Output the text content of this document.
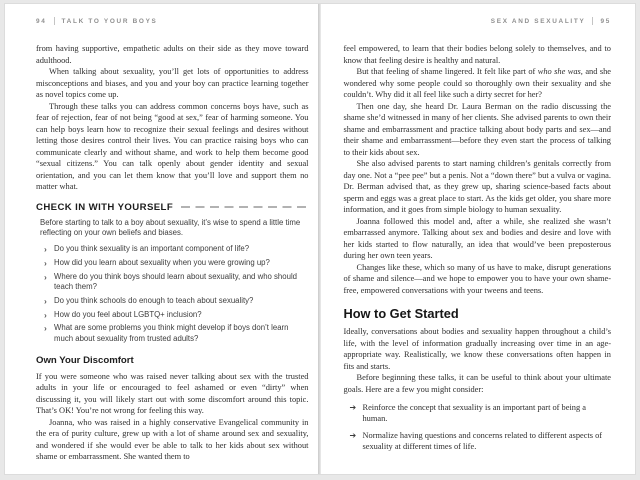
94 TALK TO YOUR BOYS

from having supportive, empathetic adults on their side as they move toward adulthood.

When talking about sexuality, you’ll get lots of opportunities to address misconceptions and biases, and you and your boy can practice learning together as novel topics come up.

Through these talks you can address common concerns boys have, such as fear of rejection, fear of not being “good at sex,” fear of harming someone. You can help boys learn how to recognize their sexual feelings and desires without letting those desires control their lives. You can practice raising boys who can communicate clearly and without shame, and work to help them become good “sexual citizens.” You can talk openly about gender identity and sexual orientation, and you can let them know that you’ll love and support them no matter what.

CHECK IN WITH YOURSELF
Before starting to talk to a boy about sexuality, it’s wise to spend a little time reflecting on your own beliefs and biases.
› Do you think sexuality is an important component of life?
› How did you learn about sexuality when you were growing up?
› Where do you think boys should learn about sexuality, and who should teach them?
› Do you think schools do enough to teach about sexuality?
› How do you feel about LGBTQ+ inclusion?
› What are some problems you think might develop if boys don’t learn much about sexuality from trusted adults?
Own Your Discomfort

If you were someone who was raised never talking about sex with the trusted adults in your life or encouraged to feel ashamed or even “dirty” when discussing it, you will likely start out with some discomfort around this topic. That’s OK! You’re not wrong for feeling this way.

Joanna, who was raised in a highly conservative Evangelical community in the era of purity culture, grew up with a lot of shame around sex and sexuality, and wondered if she would ever be able to talk to her kids about sex without shame or embarrassment. She wanted them to

SEX AND SEXUALITY 95

feel empowered, to learn that their bodies belong solely to themselves, and to know that feeling desire is healthy and natural.

But that feeling of shame lingered. It felt like part of who she was, and she wondered why some people could so thoroughly own their sexuality and she couldn’t. Why did it all feel like such a dirty secret for her?

Then one day, she heard Dr. Laura Berman on the radio discussing the shame she’d witnessed in many of her clients. She advised parents to own their shame and embarrassment and practice talking about body parts and sex—and their shame and embarrassment—before they even start the process of talking to their kids about sex.

She also advised parents to start naming children’s genitals correctly from day one. Not a “pee pee” but a penis. Not a “down there” but a vulva or vagina. Dr. Berman advised that, as they grew up, sharing science-based facts about sperm and eggs was a great place to start. As the kids get older, you share more information, and it goes from simple biology to human sexuality.

Joanna followed this model and, after a while, she realized she wasn’t embarrassed anymore. Talking about sex and bodies and desire and love with her kids started to flow naturally, an idea that would’ve been preposterous during her own teen years.

Changes like these, which so many of us have to make, disrupt generations of shame and silence—and we hope to empower you to have your own shame-free, empowered conversations with your tweens and teens.

How to Get Started

Ideally, conversations about bodies and sexuality happen throughout a child’s life, with the level of information gradually increasing over time in an age-appropriate way. Realistically, we know these conversations often happen in fits and starts.

Before beginning these talks, it can be useful to think about your ultimate goals. Here are a few you might consider:

➔ Reinforce the concept that sexuality is an important part of being a human.
➔ Normalize having questions and concerns related to different aspects of sexuality at different times of life.
